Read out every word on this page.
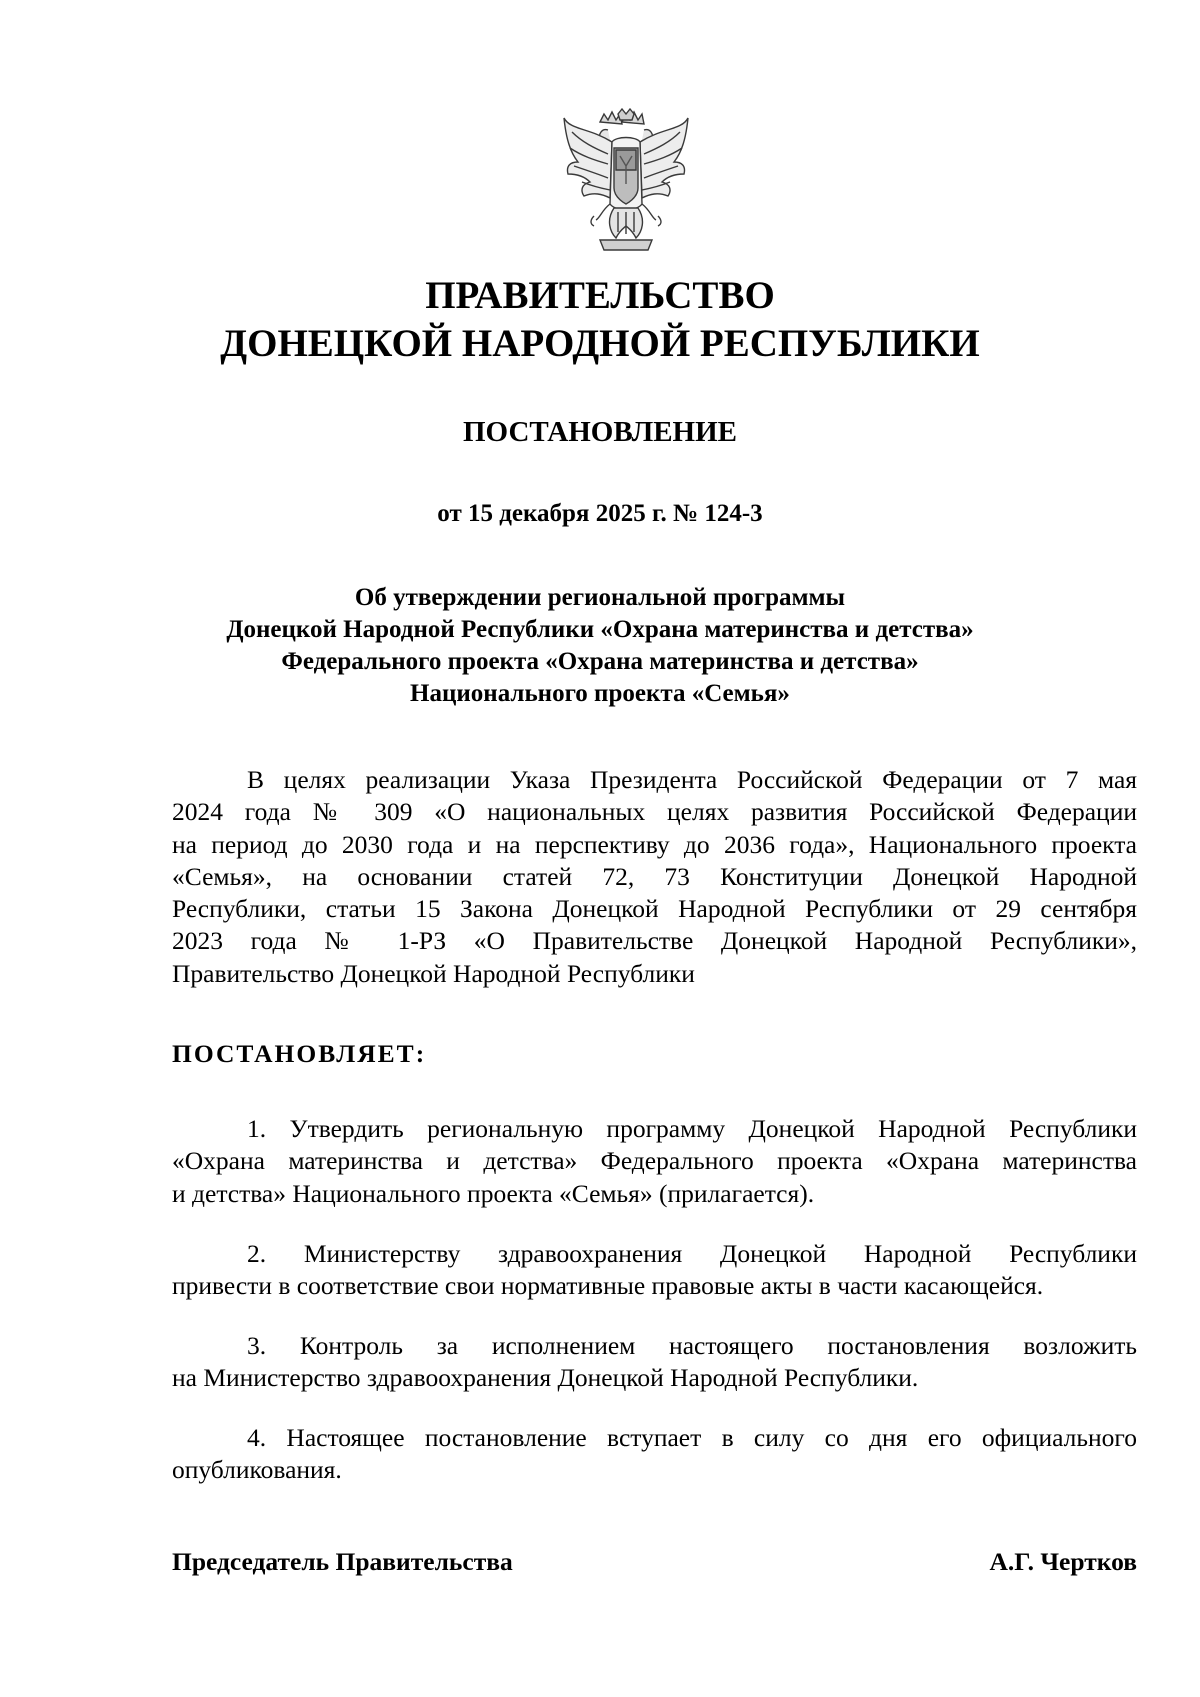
ПРАВИТЕЛЬСТВО
ДОНЕЦКОЙ НАРОДНОЙ РЕСПУБЛИКИ
ПОСТАНОВЛЕНИЕ

от 15 декабря 2025 г. № 124-3

Об утверждении региональной программы
Донецкой Народной Республики «Охрана материнства и детства»
Федерального проекта «Охрана материнства и детства»
Национального проекта «Семья»

В целях реализации Указа Президента Российской Федерации от 7 мая
2024 года № 309 «О национальных целях развития Российской Федерации
на период до 2030 года и на перспективу до 2036 года», Национального проекта
«Семья», на основании статей 72, 73 Конституции Донецкой Народной
Республики, статьи 15 Закона Донецкой Народной Республики от 29 сентября
2023 года № 1-РЗ «О Правительстве Донецкой Народной Республики»,
Правительство Донецкой Народной Республики

ПОСТАНОВЛЯЕТ:

1. Утвердить региональную программу Донецкой Народной Республики
«Охрана материнства и детства» Федерального проекта «Охрана материнства
и детства» Национального проекта «Семья» (прилагается).

2. Министерству здравоохранения Донецкой Народной Республики
привести в соответствие свои нормативные правовые акты в части касающейся.

3. Контроль за исполнением настоящего постановления возложить
на Министерство здравоохранения Донецкой Народной Республики.

4. Настоящее постановление вступает в силу со дня его официального
опубликования.

Председатель Правительства	А.Г. Чертков
